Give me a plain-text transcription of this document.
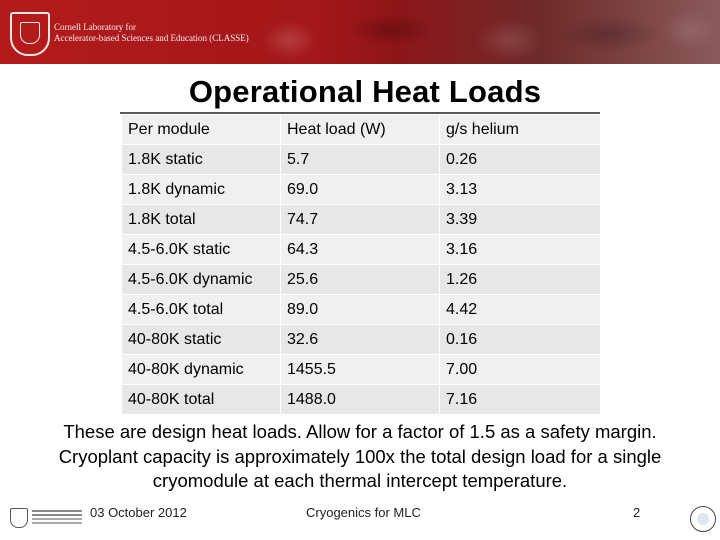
Cornell Laboratory for
Accelerator-based Sciences and Education (CLASSE)
Operational Heat Loads
Per module	Heat load (W)	g/s helium
1.8K static	5.7	0.26
1.8K dynamic	69.0	3.13
1.8K total	74.7	3.39
4.5-6.0K static	64.3	3.16
4.5-6.0K dynamic	25.6	1.26
4.5-6.0K total	89.0	4.42
40-80K static	32.6	0.16
40-80K dynamic	1455.5	7.00
40-80K total	1488.0	7.16
These are design heat loads. Allow for a factor of 1.5 as a safety margin.
Cryoplant capacity is approximately 100x the total design load for a single
cryomodule at each thermal intercept temperature.
03 October 2012	Cryogenics for MLC	2
